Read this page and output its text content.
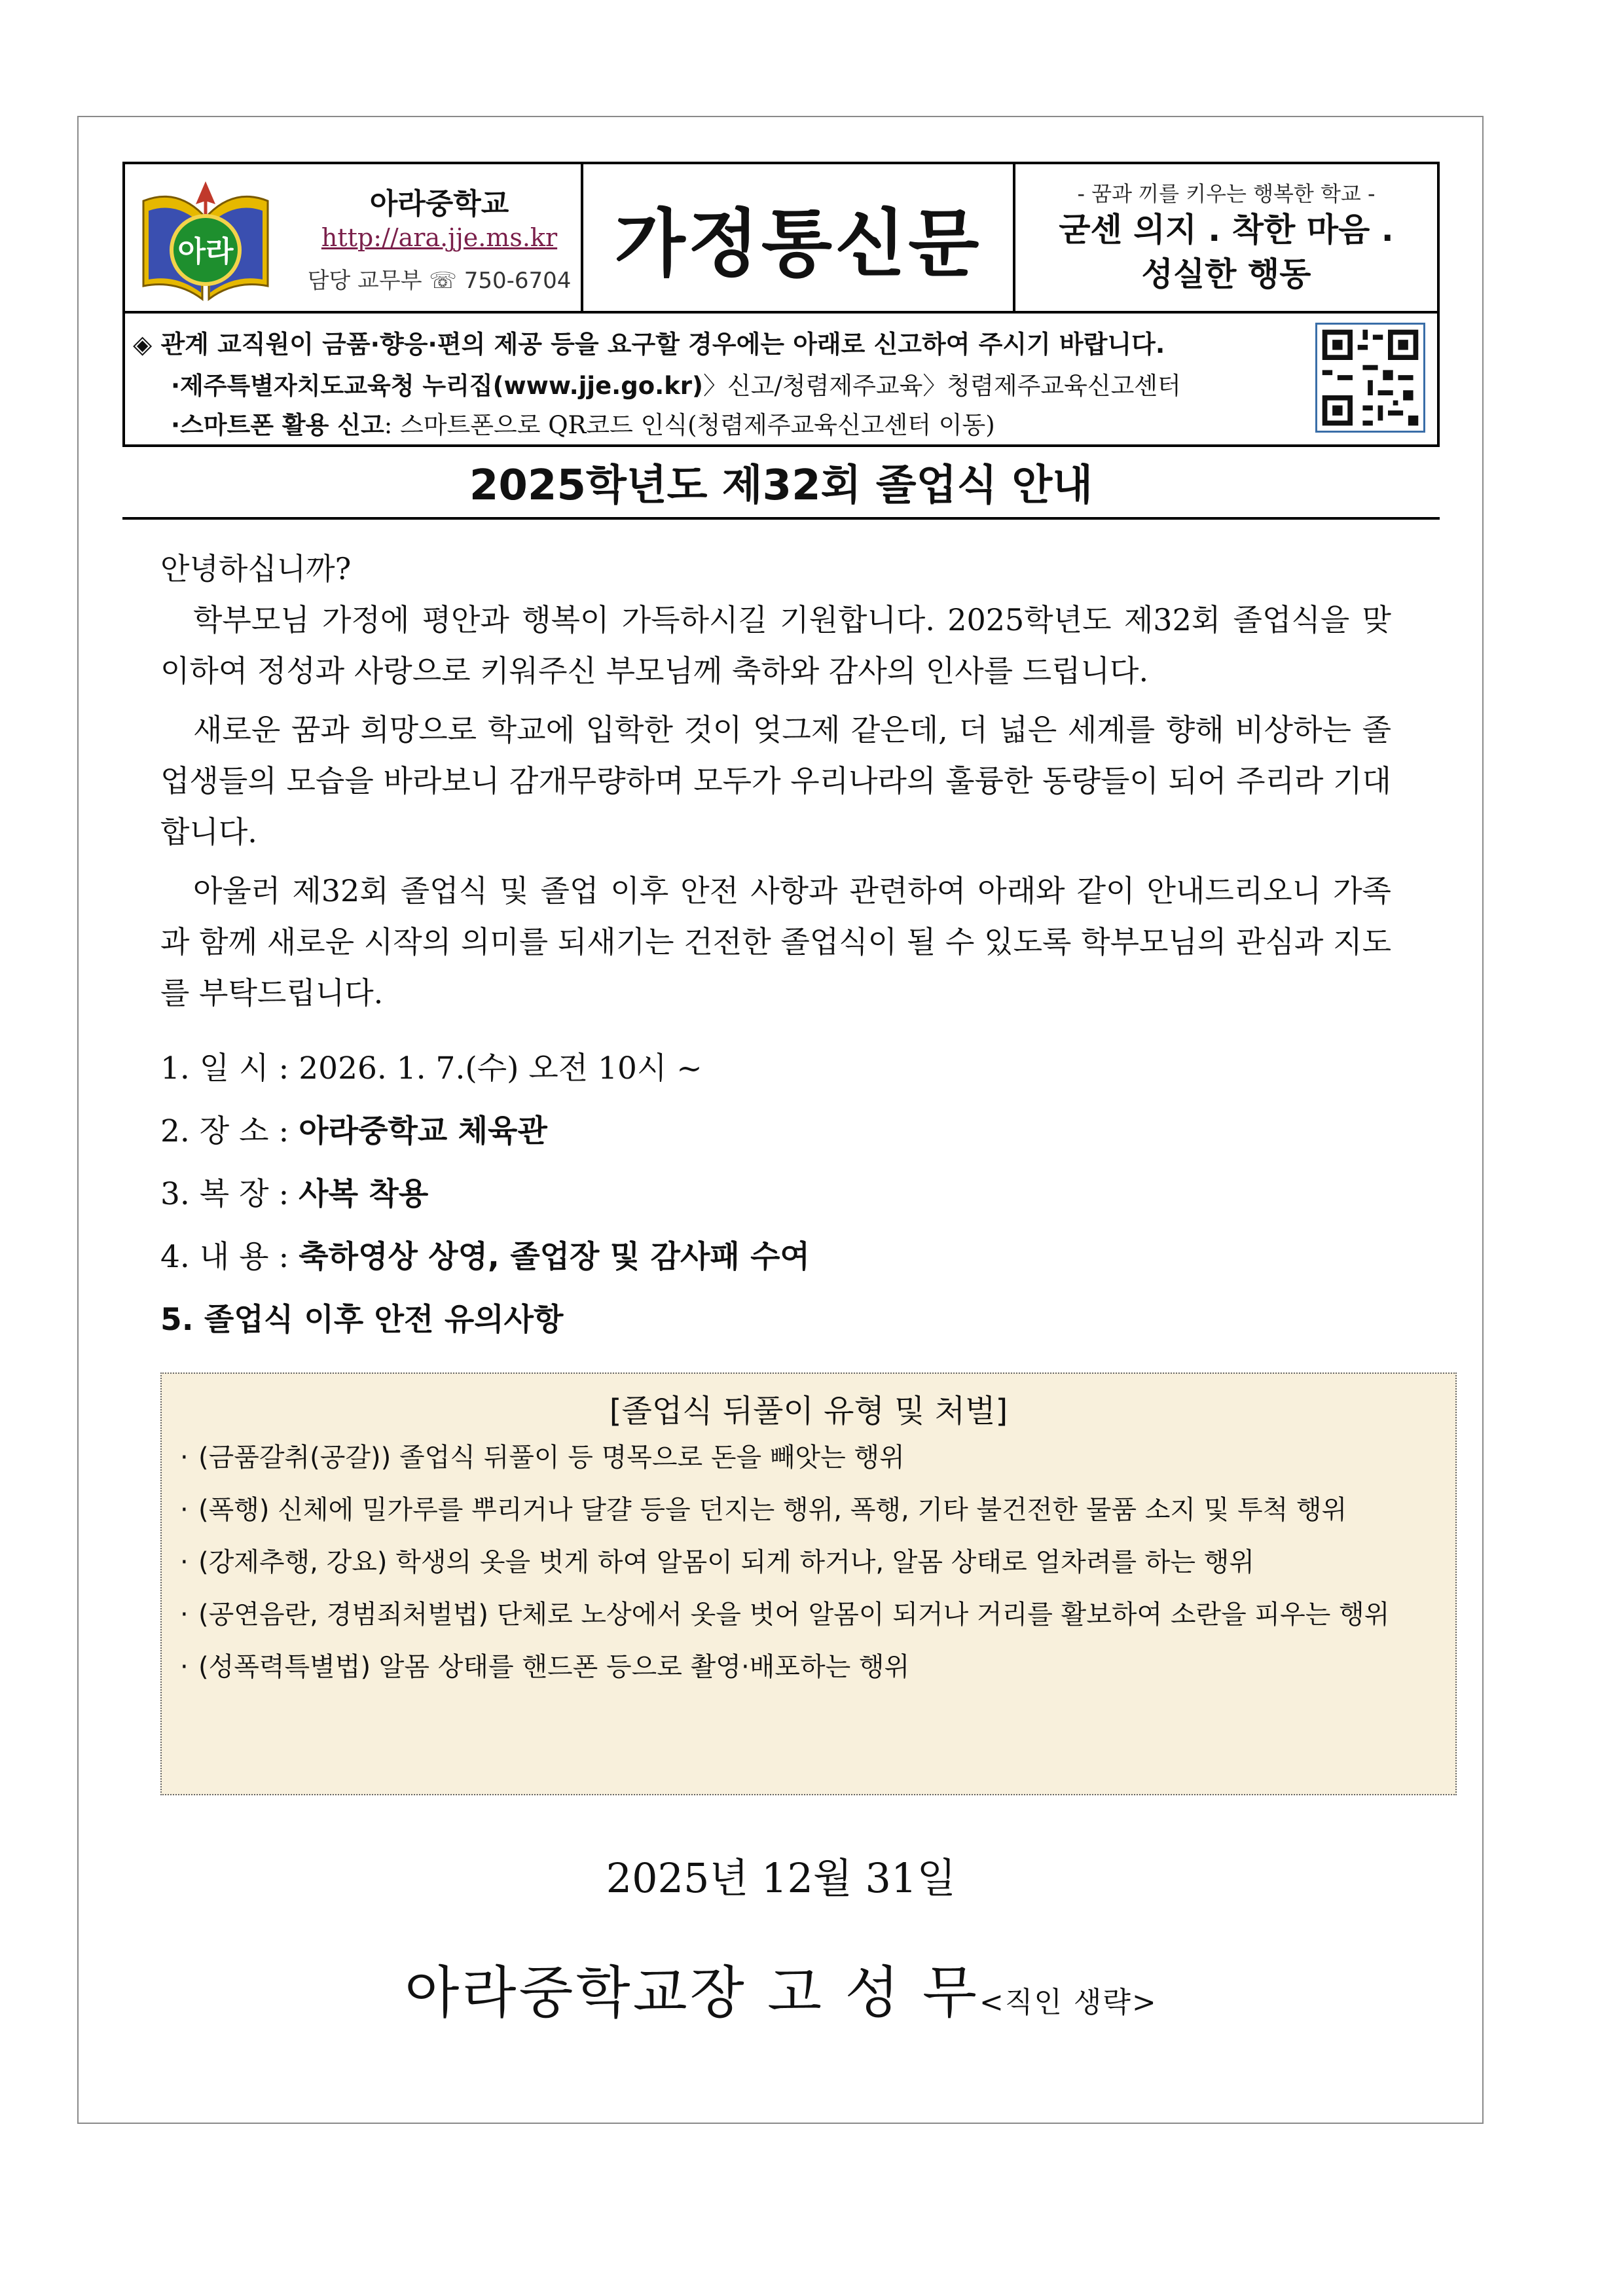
아라
아라중학교
http://ara.jje.ms.kr
담당 교무부 ☏ 750-6704 가정통신문
- 꿈과 끼를 키우는 행복한 학교 -
굳센 의지 . 착한 마음 .
성실한 행동
◈ 관계 교직원이 금품·향응·편의 제공 등을 요구할 경우에는 아래로 신고하여 주시기 바랍니다.
·제주특별자치도교육청 누리집(www.jje.go.kr)〉신고/청렴제주교육〉청렴제주교육신고센터
·스마트폰 활용 신고: 스마트폰으로 QR코드 인식(청렴제주교육신고센터 이동)
2025학년도 제32회 졸업식 안내
안녕하십니까?

학부모님 가정에 평안과 행복이 가득하시길 기원합니다. 2025학년도 제32회 졸업식을 맞이하여 정성과 사랑으로 키워주신 부모님께 축하와 감사의 인사를 드립니다.

새로운 꿈과 희망으로 학교에 입학한 것이 엊그제 같은데, 더 넓은 세계를 향해 비상하는 졸업생들의 모습을 바라보니 감개무량하며 모두가 우리나라의 훌륭한 동량들이 되어 주리라 기대합니다.

아울러 제32회 졸업식 및 졸업 이후 안전 사항과 관련하여 아래와 같이 안내드리오니 가족과 함께 새로운 시작의 의미를 되새기는 건전한 졸업식이 될 수 있도록 학부모님의 관심과 지도를 부탁드립니다.

1. 일 시 : 2026. 1. 7.(수) 오전 10시 ~
2. 장 소 : 아라중학교 체육관
3. 복 장 : 사복 착용
4. 내 용 : 축하영상 상영, 졸업장 및 감사패 수여
5. 졸업식 이후 안전 유의사항
[졸업식 뒤풀이 유형 및 처벌]
· (금품갈취(공갈)) 졸업식 뒤풀이 등 명목으로 돈을 빼앗는 행위
· (폭행) 신체에 밀가루를 뿌리거나 달걀 등을 던지는 행위, 폭행, 기타 불건전한 물품 소지 및 투척 행위
· (강제추행, 강요) 학생의 옷을 벗게 하여 알몸이 되게 하거나, 알몸 상태로 얼차려를 하는 행위
· (공연음란, 경범죄처벌법) 단체로 노상에서 옷을 벗어 알몸이 되거나 거리를 활보하여 소란을 피우는 행위
· (성폭력특별법) 알몸 상태를 핸드폰 등으로 촬영·배포하는 행위
2025년 12월 31일
아라중학교장 고 성 무<직인 생략>
